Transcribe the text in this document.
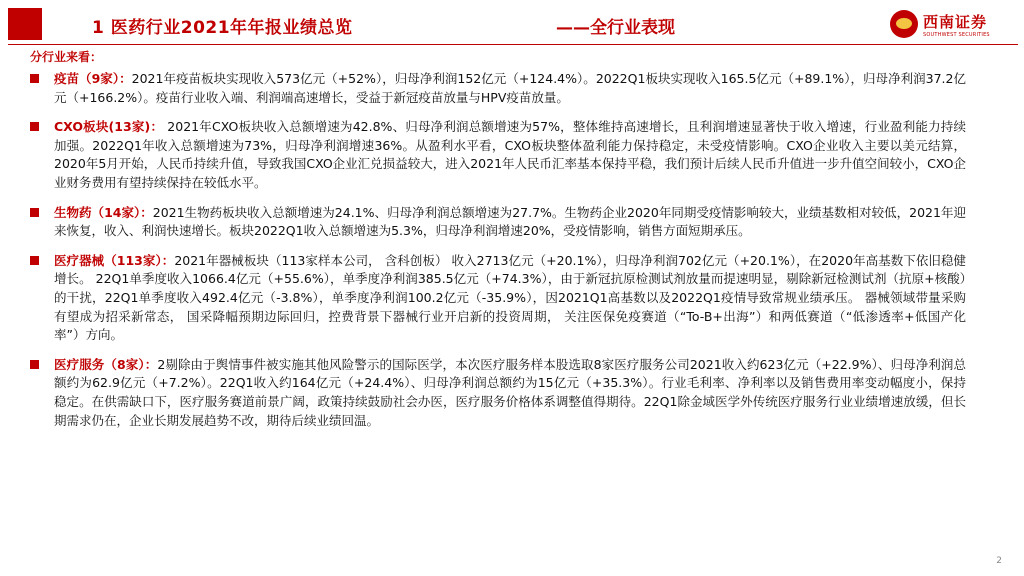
1 医药行业2021年年报业绩总览	——全行业表现	西南证券
SOUTHWEST SECURITIES
分行业来看：
疫苗（9家）：2021年疫苗板块实现收入573亿元（+52%），归母净利润152亿元（+124.4%）。2022Q1板块实现收入165.5亿元（+89.1%），归母净利润37.2亿元（+166.2%）。疫苗行业收入端、利润端高速增长，受益于新冠疫苗放量与HPV疫苗放量。
CXO板块(13家)： 2021年CXO板块收入总额增速为42.8%、归母净利润总额增速为57%，整体维持高速增长，且利润增速显著快于收入增速，行业盈利能力持续加强。2022Q1年收入总额增速为73%，归母净利润增速36%。从盈利水平看，CXO板块整体盈利能力保持稳定，未受疫情影响。CXO企业收入主要以美元结算，2020年5月开始，人民币持续升值，导致我国CXO企业汇兑损益较大，进入2021年人民币汇率基本保持平稳，我们预计后续人民币升值进一步升值空间较小，CXO企业财务费用有望持续保持在较低水平。
生物药（14家）：2021生物药板块收入总额增速为24.1%、归母净利润总额增速为27.7%。生物药企业2020年同期受疫情影响较大，业绩基数相对较低，2021年迎来恢复，收入、利润快速增长。板块2022Q1收入总额增速为5.3%，归母净利润增速20%，受疫情影响，销售方面短期承压。
医疗器械（113家）：2021年器械板块（113家样本公司， 含科创板） 收入2713亿元（+20.1%），归母净利润702亿元（+20.1%），在2020年高基数下依旧稳健增长。 22Q1单季度收入1066.4亿元（+55.6%），单季度净利润385.5亿元（+74.3%），由于新冠抗原检测试剂放量而提速明显，剔除新冠检测试剂（抗原+核酸）的干扰，22Q1单季度收入492.4亿元（-3.8%），单季度净利润100.2亿元（-35.9%），因2021Q1高基数以及2022Q1疫情导致常规业绩承压。 器械领域带量采购有望成为招采新常态， 国采降幅预期边际回归，控费背景下器械行业开启新的投资周期， 关注医保免疫赛道（“To-B+出海”）和两低赛道（“低渗透率+低国产化率”）方向。
医疗服务（8家）：2剔除由于舆情事件被实施其他风险警示的国际医学，本次医疗服务样本股选取8家医疗服务公司2021收入约623亿元（+22.9%）、归母净利润总额约为62.9亿元（+7.2%）。22Q1收入约164亿元（+24.4%）、归母净利润总额约为15亿元（+35.3%）。行业毛利率、净利率以及销售费用率变动幅度小，保持稳定。在供需缺口下，医疗服务赛道前景广阔，政策持续鼓励社会办医，医疗服务价格体系调整值得期待。22Q1除金域医学外传统医疗服务行业业绩增速放缓，但长期需求仍在，企业长期发展趋势不改，期待后续业绩回温。
2
